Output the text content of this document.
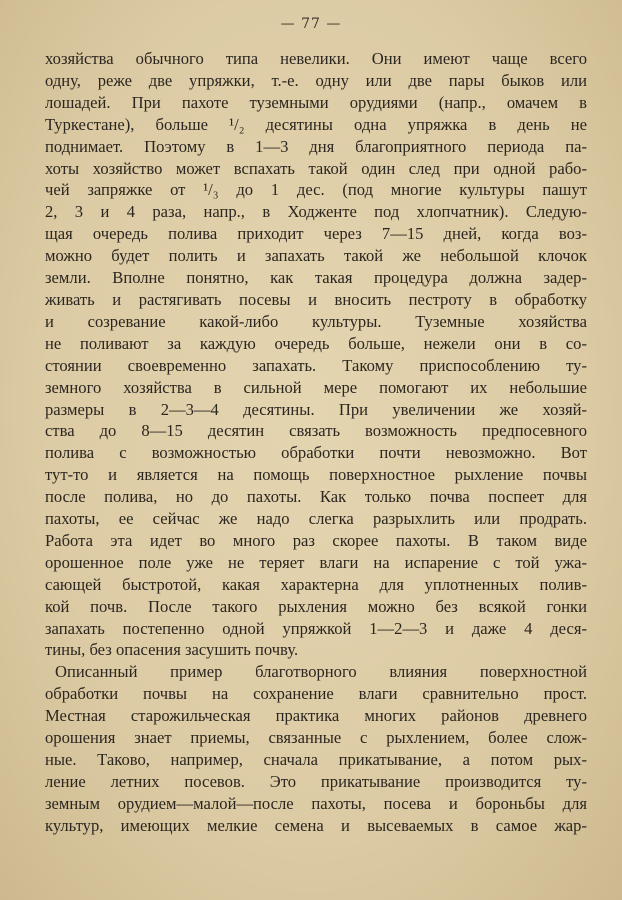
— 77 —
хозяйства обычного типа невелики. Они имеют чаще всего
одну, реже две упряжки, т.-е. одну или две пары быков или
лошадей. При пахоте туземными орудиями (напр., омачем в
Туркестане), больше ¹/₂ десятины одна упряжка в день не
поднимает. Поэтому в 1—3 дня благоприятного периода па-
хоты хозяйство может вспахать такой один след при одной рабо-
чей запряжке от ¹/₃ до 1 дес. (под многие культуры пашут
2, 3 и 4 раза, напр., в Ходженте под хлопчатник). Следую-
щая очередь полива приходит через 7—15 дней, когда воз-
можно будет полить и запахать такой же небольшой клочок
земли. Вполне понятно, как такая процедура должна задер-
живать и растягивать посевы и вносить пестроту в обработку
и созревание какой-либо культуры. Туземные хозяйства
не поливают за каждую очередь больше, нежели они в со-
стоянии своевременно запахать. Такому приспособлению ту-
земного хозяйства в сильной мере помогают их небольшие
размеры в 2—3—4 десятины. При увеличении же хозяй-
ства до 8—15 десятин связать возможность предпосевного
полива с возможностью обработки почти невозможно. Вот
тут-то и является на помощь поверхностное рыхление почвы
после полива, но до пахоты. Как только почва поспеет для
пахоты, ее сейчас же надо слегка разрыхлить или продрать.
Работа эта идет во много раз скорее пахоты. В таком виде
орошенное поле уже не теряет влаги на испарение с той ужа-
сающей быстротой, какая характерна для уплотненных полив-
кой почв. После такого рыхления можно без всякой гонки
запахать постепенно одной упряжкой 1—2—3 и даже 4 деся-
тины, без опасения засушить почву.
Описанный пример благотворного влияния поверхностной
обработки почвы на сохранение влаги сравнительно прост.
Местная старожильческая практика многих районов древнего
орошения знает приемы, связанные с рыхлением, более слож-
ные. Таково, например, сначала прикатывание, а потом рых-
ление летних посевов. Это прикатывание производится ту-
земным орудием—малой—после пахоты, посева и бороньбы для
культур, имеющих мелкие семена и высеваемых в самое жар-
